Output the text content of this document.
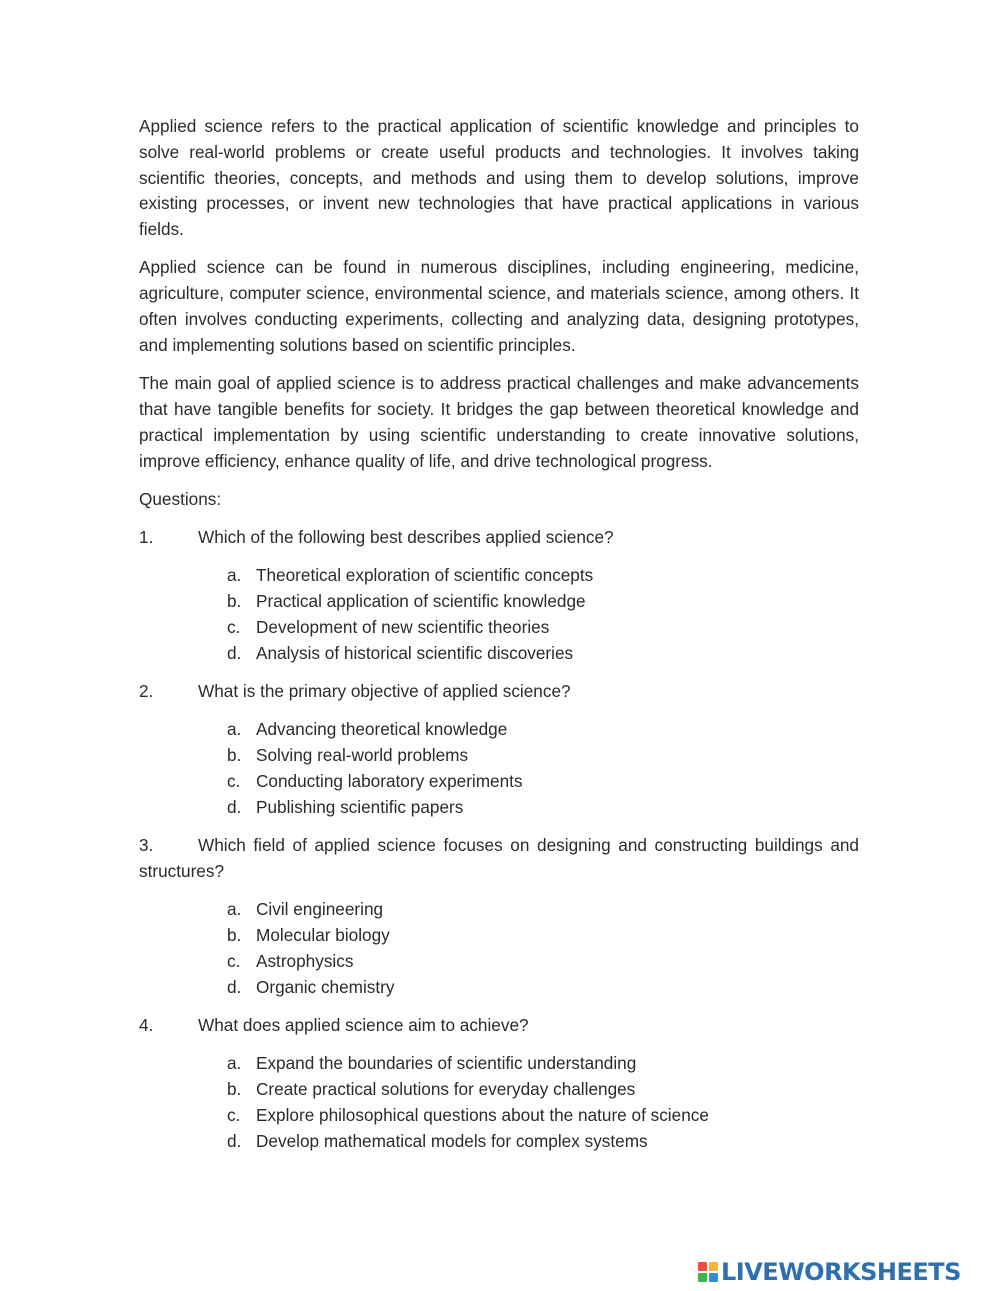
Applied science refers to the practical application of scientific knowledge and principles to solve real-world problems or create useful products and technologies. It involves taking scientific theories, concepts, and methods and using them to develop solutions, improve existing processes, or invent new technologies that have practical applications in various fields.

Applied science can be found in numerous disciplines, including engineering, medicine, agriculture, computer science, environmental science, and materials science, among others. It often involves conducting experiments, collecting and analyzing data, designing prototypes, and implementing solutions based on scientific principles.

The main goal of applied science is to address practical challenges and make advancements that have tangible benefits for society. It bridges the gap between theoretical knowledge and practical implementation by using scientific understanding to create innovative solutions, improve efficiency, enhance quality of life, and drive technological progress.

Questions:

1.	Which of the following best describes applied science?

a. Theoretical exploration of scientific concepts
b. Practical application of scientific knowledge
c. Development of new scientific theories
d. Analysis of historical scientific discoveries

2.	What is the primary objective of applied science?

a. Advancing theoretical knowledge
b. Solving real-world problems
c. Conducting laboratory experiments
d. Publishing scientific papers

3.	Which field of applied science focuses on designing and constructing buildings and structures?

a. Civil engineering
b. Molecular biology
c. Astrophysics
d. Organic chemistry

4.	What does applied science aim to achieve?

a. Expand the boundaries of scientific understanding
b. Create practical solutions for everyday challenges
c. Explore philosophical questions about the nature of science
d. Develop mathematical models for complex systems
LIVEWORKSHEETS
